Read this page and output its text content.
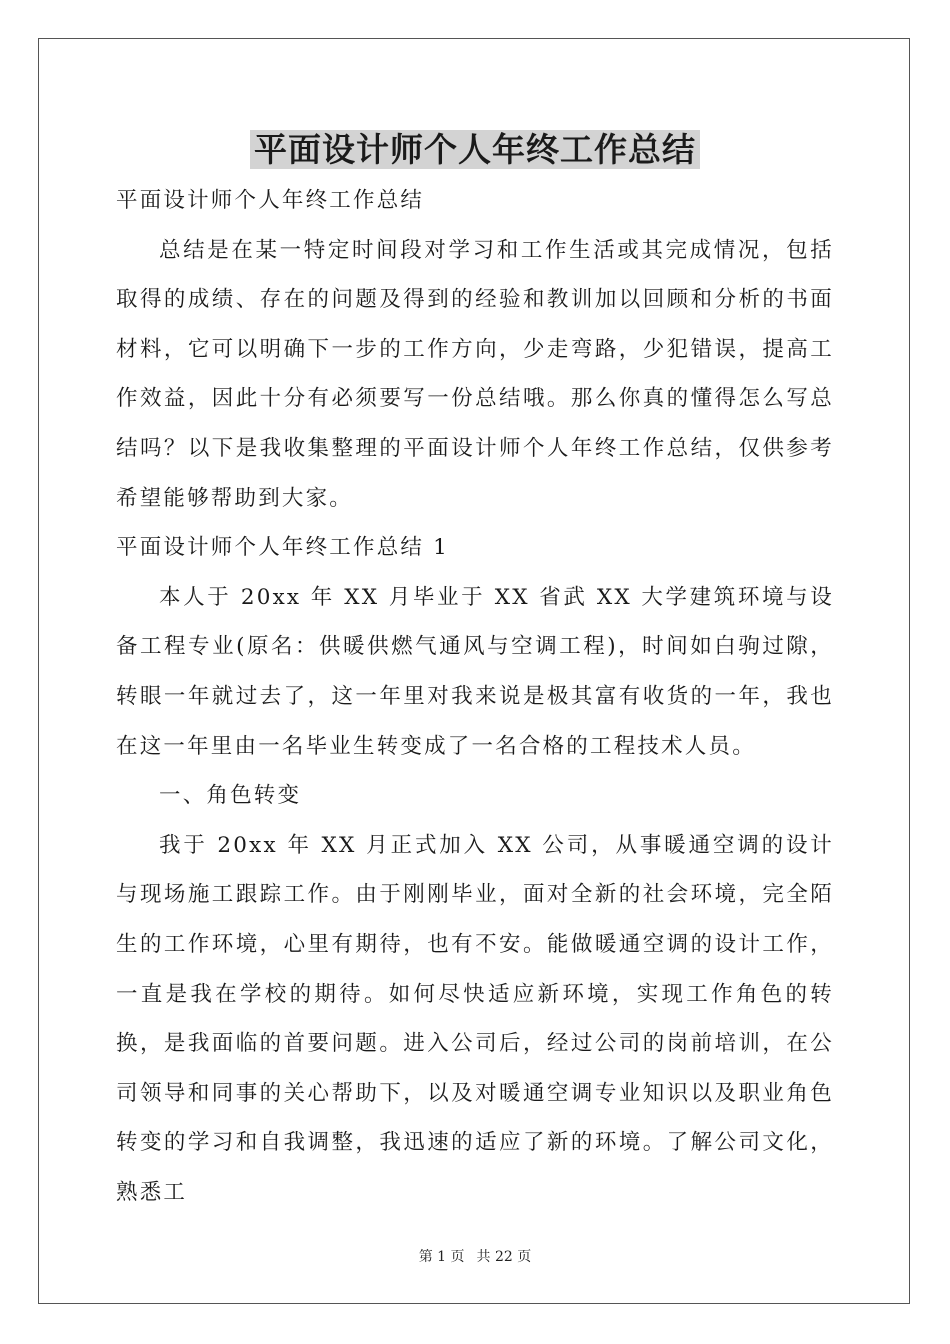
平面设计师个人年终工作总结

平面设计师个人年终工作总结

总结是在某一特定时间段对学习和工作生活或其完成情况，包括取得的成绩、存在的问题及得到的经验和教训加以回顾和分析的书面材料，它可以明确下一步的工作方向，少走弯路，少犯错误，提高工作效益，因此十分有必须要写一份总结哦。那么你真的懂得怎么写总结吗？以下是我收集整理的平面设计师个人年终工作总结，仅供参考希望能够帮助到大家。

平面设计师个人年终工作总结 1

本人于 20xx 年 XX 月毕业于 XX 省武 XX 大学建筑环境与设备工程专业(原名：供暖供燃气通风与空调工程)，时间如白驹过隙，转眼一年就过去了，这一年里对我来说是极其富有收货的一年，我也在这一年里由一名毕业生转变成了一名合格的工程技术人员。

一、角色转变

我于 20xx 年 XX 月正式加入 XX 公司，从事暖通空调的设计与现场施工跟踪工作。由于刚刚毕业，面对全新的社会环境，完全陌生的工作环境，心里有期待，也有不安。能做暖通空调的设计工作，一直是我在学校的期待。如何尽快适应新环境，实现工作角色的转换，是我面临的首要问题。进入公司后，经过公司的岗前培训，在公司领导和同事的关心帮助下，以及对暖通空调专业知识以及职业角色转变的学习和自我调整，我迅速的适应了新的环境。了解公司文化，熟悉工

第 1 页 共 22 页
